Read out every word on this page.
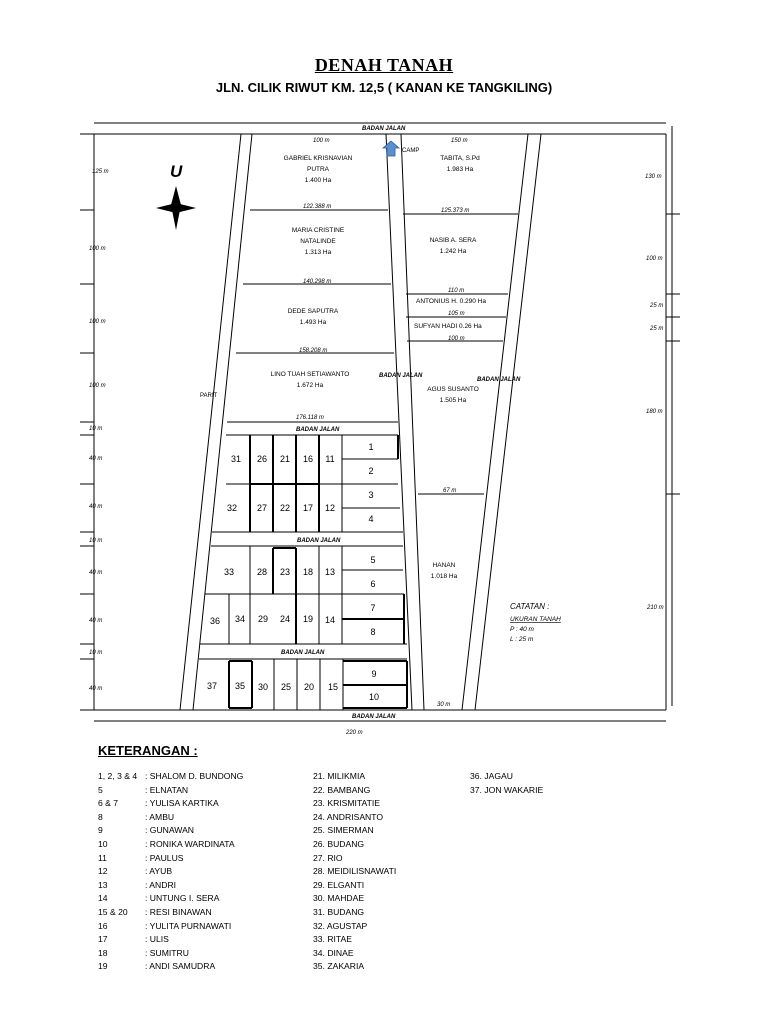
DENAH TANAH
JLN. CILIK RIWUT KM. 12,5 ( KANAN KE TANGKILING)
U
CAMP
BADAN JALAN
BADAN JALAN
BADAN JALAN
BADAN JALAN
BADAN JALAN
BADAN JALAN
BADAN JALAN
PARIT
125 m
100 m
100 m
100 m
10 m
40 m
40 m
10 m
40 m
40 m
10 m
40 m
130 m
100 m
25 m
25 m
180 m
210 m
100 m	150 m
122.388 m
125.373 m
140.298 m
110 m
105 m
100 m
158.208 m
176.118 m
67 m
30 m
220 m
GABRIEL KRISNAVIAN
PUTRA
1.400 Ha
TABITA, S.Pd
1.983 Ha
MARIA CRISTINE
NATALINDE
1.313 Ha
NASIB A. SERA
1.242 Ha
DEDE SAPUTRA
1.493 Ha
LINO TUAH SETIAWANTO
1.672 Ha
AGUS SUSANTO
1.505 Ha
HANAN
1.018 Ha
ANTONIUS H. 0.290 Ha
SUFYAN HADI 0.26 Ha
31 26 21 16 11
32 27 22 17 12
33	28 23 18 13
36 34 29 24 19 14
37 35 30 25 20 15
1
2
3
4
5
6
7
8
9
10
CATATAN :
UKURAN TANAH
P : 40 m
L : 25 m
KETERANGAN :
1, 2, 3 & 4 : SHALOM D. BUNDONG
5	: ELNATAN
6 & 7	: YULISA KARTIKA
8	: AMBU
9	: GUNAWAN
10	: RONIKA WARDINATA
11	: PAULUS
12	: AYUB
13	: ANDRI
14	: UNTUNG I. SERA
15 & 20 : RESI BINAWAN
16	: YULITA PURNAWATI
17	: ULIS
18	: SUMITRU
19	: ANDI SAMUDRA
21. MILIKMIA
22. BAMBANG
23. KRISMITATIE
24. ANDRISANTO
25. SIMERMAN
26. BUDANG
27. RIO
28. MEIDILISNAWATI
29. ELGANTI
30. MAHDAE
31. BUDANG
32. AGUSTAP
33. RITAE
34. DINAE
35. ZAKARIA
36. JAGAU
37. JON WAKARIE
